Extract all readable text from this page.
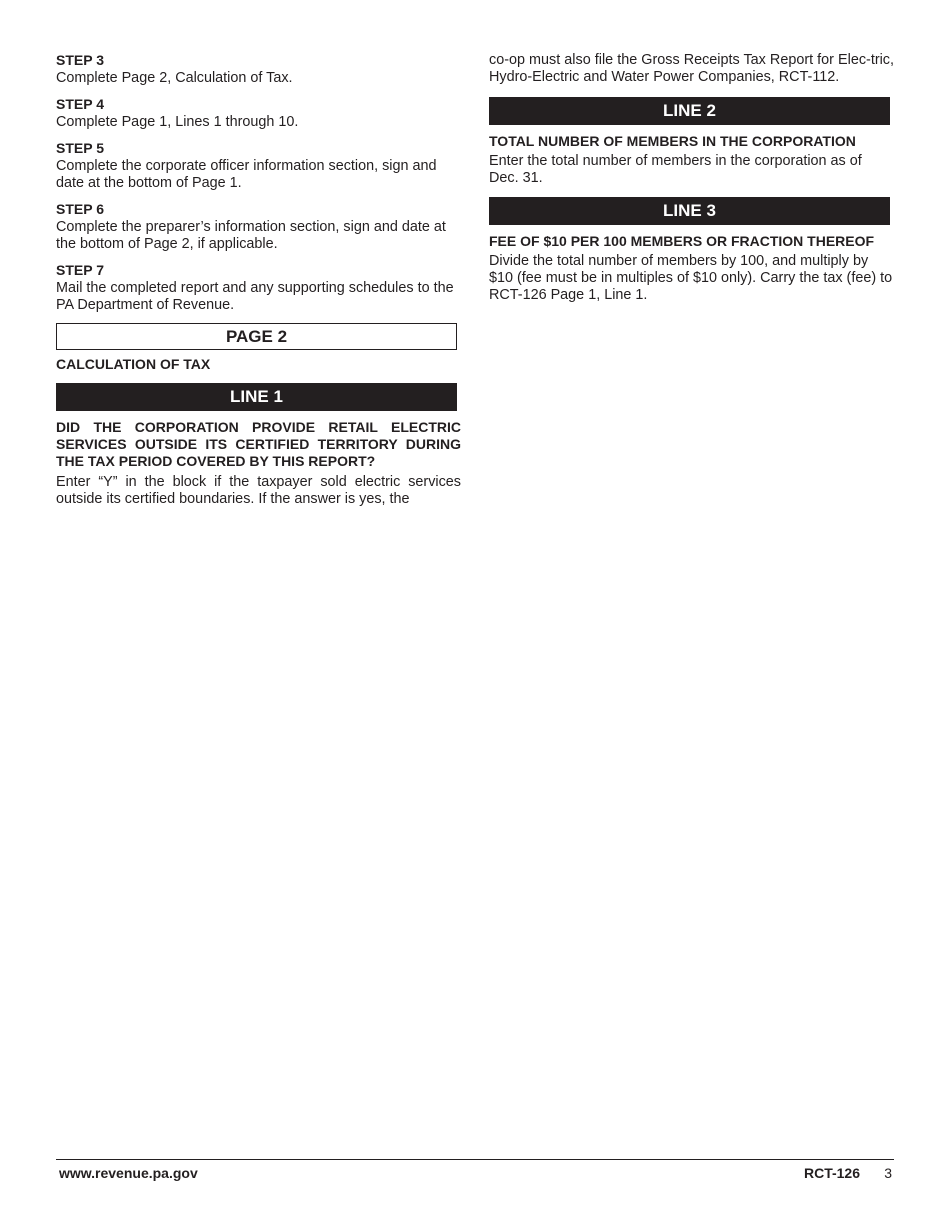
STEP 3
Complete Page 2, Calculation of Tax.
STEP 4
Complete Page 1, Lines 1 through 10.
STEP 5
Complete the corporate officer information section, sign and date at the bottom of Page 1.
STEP 6
Complete the preparer’s information section, sign and date at the bottom of Page 2, if applicable.
STEP 7
Mail the completed report and any supporting schedules to the PA Department of Revenue.
PAGE 2
CALCULATION OF TAX
LINE 1
DID THE CORPORATION PROVIDE RETAIL ELECTRIC SERVICES OUTSIDE ITS CERTIFIED TERRITORY DURING THE TAX PERIOD COVERED BY THIS REPORT?
Enter “Y” in the block if the taxpayer sold electric services outside its certified boundaries. If the answer is yes, the
co-op must also file the Gross Receipts Tax Report for Elec-tric, Hydro-Electric and Water Power Companies, RCT-112.
LINE 2
TOTAL NUMBER OF MEMBERS IN THE CORPORATION
Enter the total number of members in the corporation as of Dec. 31.
LINE 3
FEE OF $10 PER 100 MEMBERS OR FRACTION THEREOF
Divide the total number of members by 100, and multiply by $10 (fee must be in multiples of $10 only). Carry the tax (fee) to RCT-126 Page 1, Line 1.
www.revenue.pa.gov	RCT-126 3
